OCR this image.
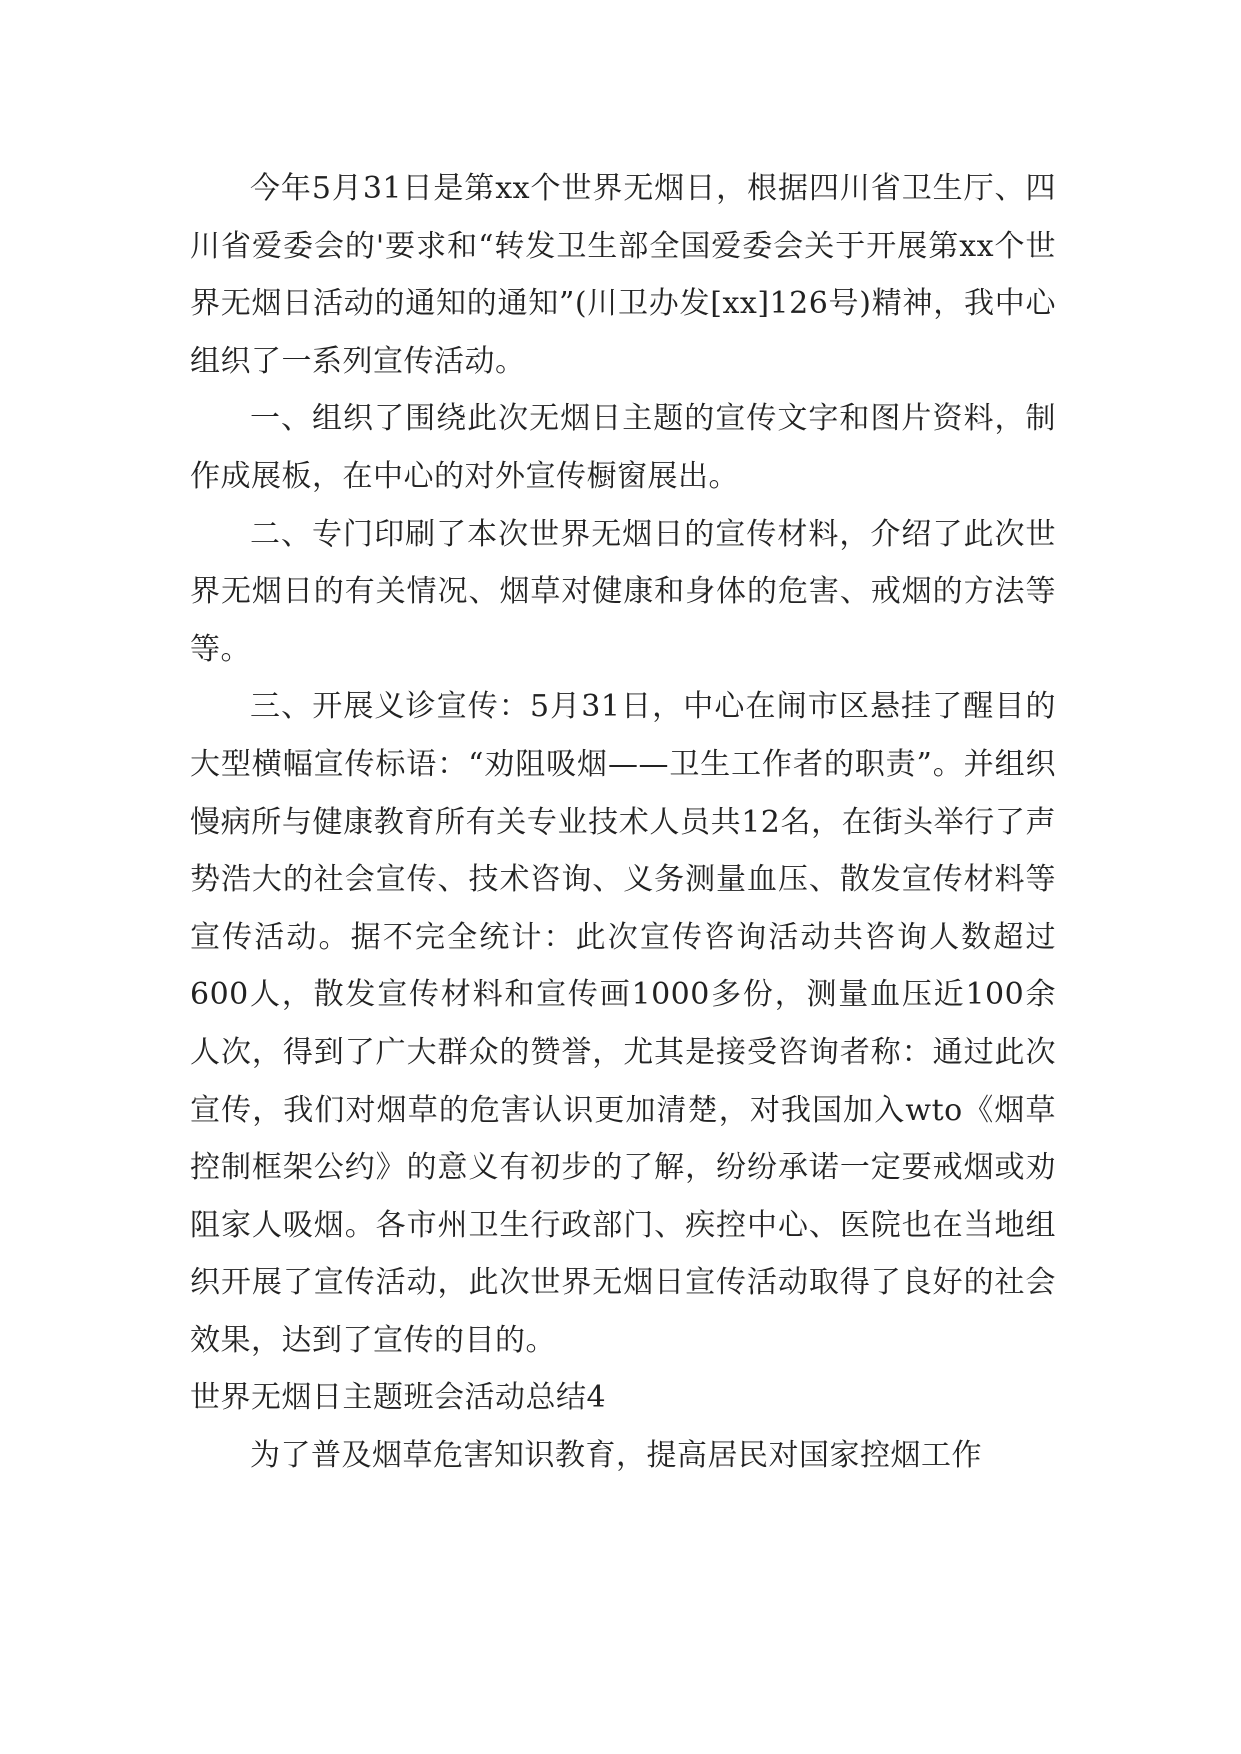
今年5月31日是第xx个世界无烟日，根据四川省卫生厅、四川省爱委会的'要求和“转发卫生部全国爱委会关于开展第xx个世界无烟日活动的通知的通知”(川卫办发[xx]126号)精神，我中心组织了一系列宣传活动。

一、组织了围绕此次无烟日主题的宣传文字和图片资料，制作成展板，在中心的对外宣传橱窗展出。

二、专门印刷了本次世界无烟日的宣传材料，介绍了此次世界无烟日的有关情况、烟草对健康和身体的危害、戒烟的方法等等。

三、开展义诊宣传：5月31日，中心在闹市区悬挂了醒目的大型横幅宣传标语：“劝阻吸烟——卫生工作者的职责”。并组织慢病所与健康教育所有关专业技术人员共12名，在街头举行了声势浩大的社会宣传、技术咨询、义务测量血压、散发宣传材料等宣传活动。据不完全统计：此次宣传咨询活动共咨询人数超过600人，散发宣传材料和宣传画1000多份，测量血压近100余人次，得到了广大群众的赞誉，尤其是接受咨询者称：通过此次宣传，我们对烟草的危害认识更加清楚，对我国加入wto《烟草控制框架公约》的意义有初步的了解，纷纷承诺一定要戒烟或劝阻家人吸烟。各市州卫生行政部门、疾控中心、医院也在当地组织开展了宣传活动，此次世界无烟日宣传活动取得了良好的社会效果，达到了宣传的目的。

世界无烟日主题班会活动总结4

为了普及烟草危害知识教育，提高居民对国家控烟工作
